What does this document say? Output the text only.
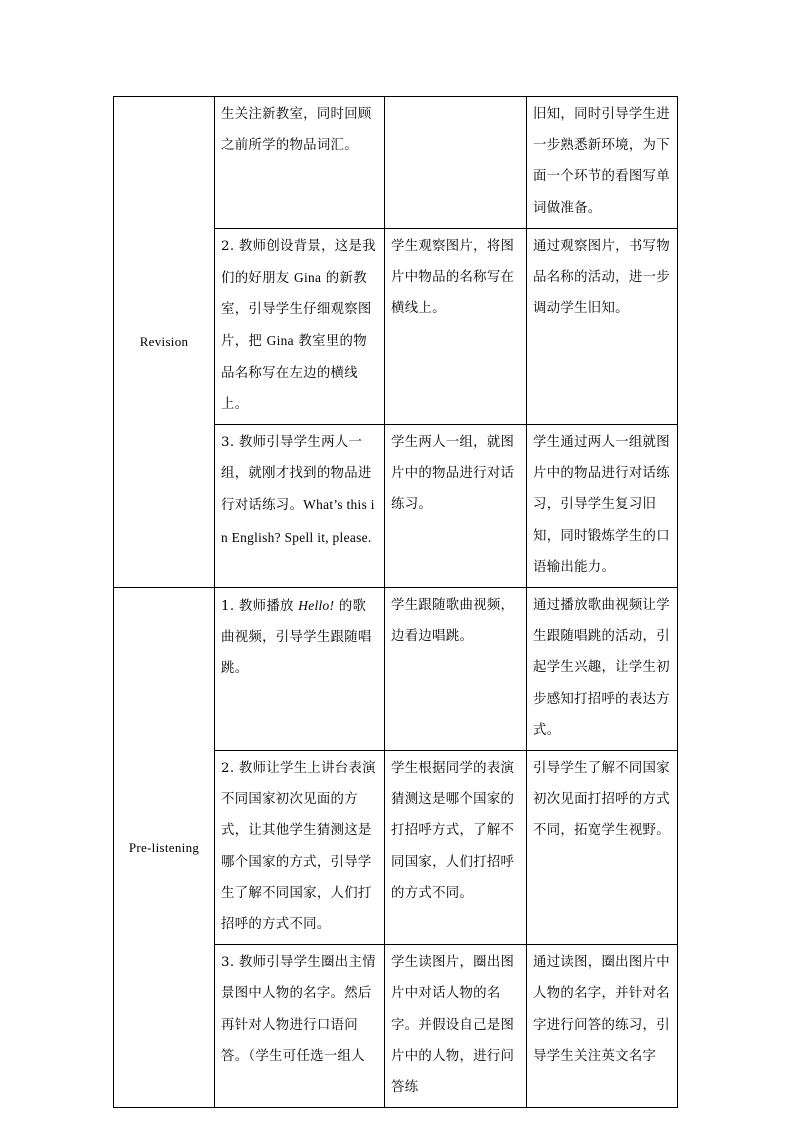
Revision	生关注新教室，同时回顾之前所学的物品词汇。		旧知，同时引导学生进一步熟悉新环境，为下面一个环节的看图写单词做准备。
	2. 教师创设背景，这是我们的好朋友 Gina 的新教室，引导学生仔细观察图片，把 Gina 教室里的物品名称写在左边的横线上。	学生观察图片，将图片中物品的名称写在横线上。	通过观察图片，书写物品名称的活动，进一步调动学生旧知。
	3. 教师引导学生两人一组，就刚才找到的物品进行对话练习。What’s this in English? Spell it, please.	学生两人一组，就图片中的物品进行对话练习。	学生通过两人一组就图片中的物品进行对话练习，引导学生复习旧知，同时锻炼学生的口语输出能力。
Pre-listening	1. 教师播放 Hello! 的歌曲视频，引导学生跟随唱跳。	学生跟随歌曲视频，边看边唱跳。	通过播放歌曲视频让学生跟随唱跳的活动，引起学生兴趣，让学生初步感知打招呼的表达方式。
	2. 教师让学生上讲台表演不同国家初次见面的方式，让其他学生猜测这是哪个国家的方式，引导学生了解不同国家，人们打招呼的方式不同。	学生根据同学的表演猜测这是哪个国家的打招呼方式，了解不同国家，人们打招呼的方式不同。	引导学生了解不同国家初次见面打招呼的方式不同，拓宽学生视野。
	3. 教师引导学生圈出主情景图中人物的名字。然后再针对人物进行口语问答。（学生可任选一组人	学生读图片，圈出图片中对话人物的名字。并假设自己是图片中的人物，进行问答练	通过读图，圈出图片中人物的名字，并针对名字进行问答的练习，引导学生关注英文名字
